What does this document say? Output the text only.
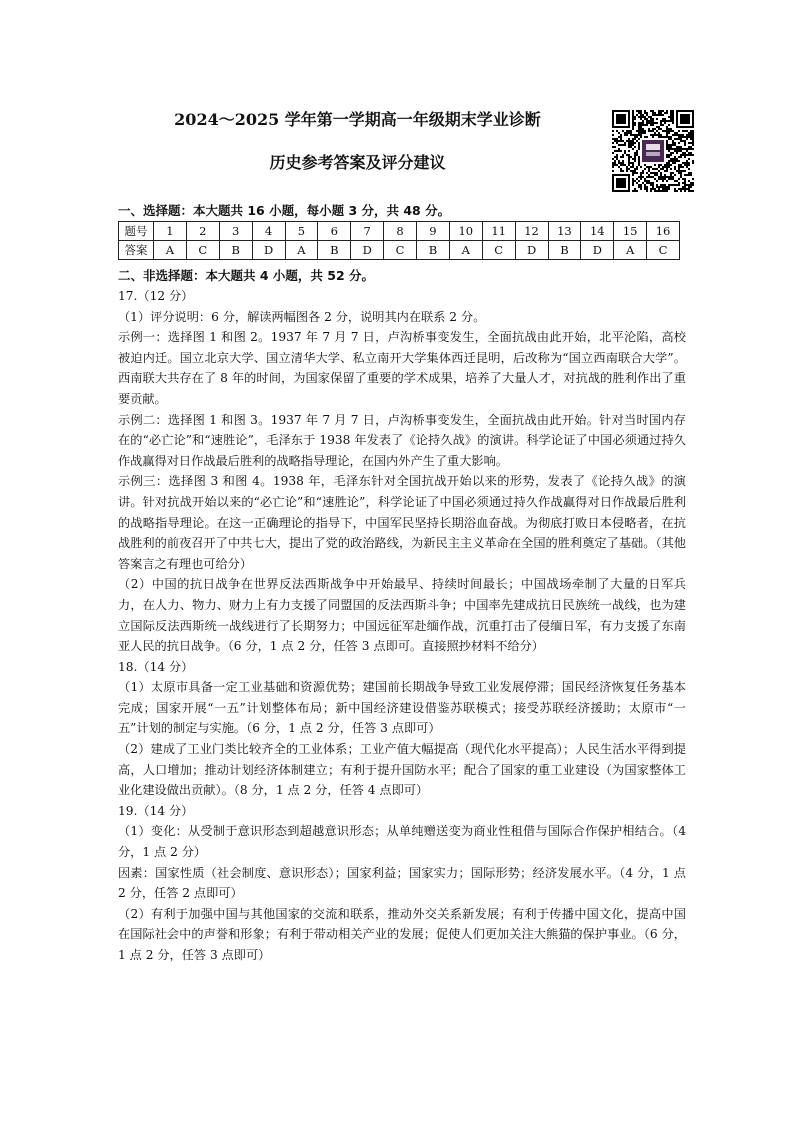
2024～2025 学年第一学期高一年级期末学业诊断
历史参考答案及评分建议
一、选择题：本大题共 16 小题，每小题 3 分，共 48 分。
题号	1	2	3	4	5	6	7	8	9	10	11	12	13	14	15	16
答案	A	C	B	D	A	B	D	C	B	A	C	D	B	D	A	C
二、非选择题：本大题共 4 小题，共 52 分。

17.（12 分）

（1）评分说明：6 分，解读两幅图各 2 分，说明其内在联系 2 分。

示例一：选择图 1 和图 2。1937 年 7 月 7 日，卢沟桥事变发生，全面抗战由此开始，北平沦陷，高校被迫内迁。国立北京大学、国立清华大学、私立南开大学集体西迁昆明，后改称为“国立西南联合大学”。西南联大共存在了 8 年的时间，为国家保留了重要的学术成果，培养了大量人才，对抗战的胜利作出了重要贡献。

示例二：选择图 1 和图 3。1937 年 7 月 7 日，卢沟桥事变发生，全面抗战由此开始。针对当时国内存在的“必亡论”和“速胜论”，毛泽东于 1938 年发表了《论持久战》的演讲。科学论证了中国必须通过持久作战赢得对日作战最后胜利的战略指导理论，在国内外产生了重大影响。

示例三：选择图 3 和图 4。1938 年，毛泽东针对全国抗战开始以来的形势，发表了《论持久战》的演讲。针对抗战开始以来的“必亡论”和“速胜论”，科学论证了中国必须通过持久作战赢得对日作战最后胜利的战略指导理论。在这一正确理论的指导下，中国军民坚持长期浴血奋战。为彻底打败日本侵略者，在抗战胜利的前夜召开了中共七大，提出了党的政治路线，为新民主主义革命在全国的胜利奠定了基础。（其他答案言之有理也可给分）

（2）中国的抗日战争在世界反法西斯战争中开始最早、持续时间最长；中国战场牵制了大量的日军兵力，在人力、物力、财力上有力支援了同盟国的反法西斯斗争；中国率先建成抗日民族统一战线，也为建立国际反法西斯统一战线进行了长期努力；中国远征军赴缅作战，沉重打击了侵缅日军，有力支援了东南亚人民的抗日战争。（6 分，1 点 2 分，任答 3 点即可。直接照抄材料不给分）

18.（14 分）

（1）太原市具备一定工业基础和资源优势；建国前长期战争导致工业发展停滞；国民经济恢复任务基本完成；国家开展“一五”计划整体布局；新中国经济建设借鉴苏联模式；接受苏联经济援助；太原市“一五”计划的制定与实施。（6 分，1 点 2 分，任答 3 点即可）

（2）建成了工业门类比较齐全的工业体系；工业产值大幅提高（现代化水平提高）；人民生活水平得到提高，人口增加；推动计划经济体制建立；有利于提升国防水平；配合了国家的重工业建设（为国家整体工业化建设做出贡献）。（8 分，1 点 2 分，任答 4 点即可）

19.（14 分）

（1）变化：从受制于意识形态到超越意识形态；从单纯赠送变为商业性租借与国际合作保护相结合。（4 分，1 点 2 分）

因素：国家性质（社会制度、意识形态）；国家利益；国家实力；国际形势；经济发展水平。（4 分，1 点 2 分，任答 2 点即可）

（2）有利于加强中国与其他国家的交流和联系，推动外交关系新发展；有利于传播中国文化，提高中国在国际社会中的声誉和形象；有利于带动相关产业的发展；促使人们更加关注大熊猫的保护事业。（6 分，1 点 2 分，任答 3 点即可）
